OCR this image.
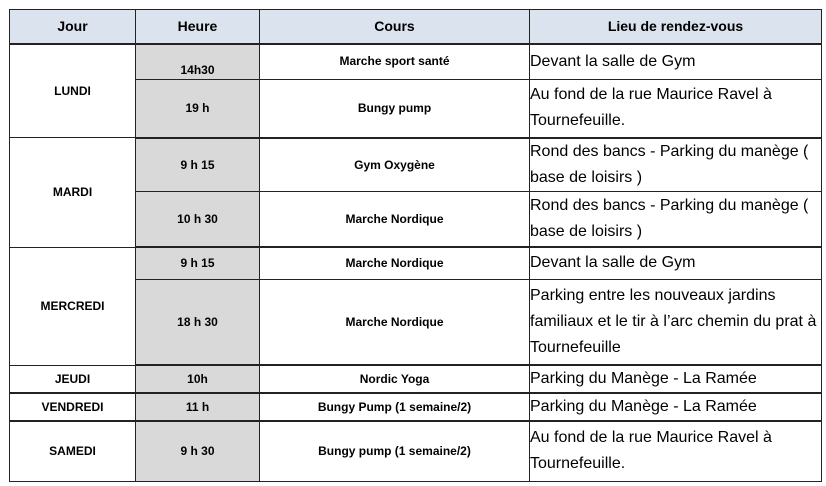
Jour	Heure	Cours	Lieu de rendez-vous
LUNDI	14h30	Marche sport santé	Devant la salle de Gym
	19 h	Bungy pump	Au fond de la rue Maurice Ravel à Tournefeuille.
MARDI	9 h 15	Gym Oxygène	Rond des bancs - Parking du manège ( base de loisirs )
	10 h 30	Marche Nordique	Rond des bancs - Parking du manège ( base de loisirs )
MERCREDI	9 h 15	Marche Nordique	Devant la salle de Gym
	18 h 30	Marche Nordique	Parking entre les nouveaux jardins familiaux et le tir à l’arc chemin du prat à Tournefeuille
JEUDI	10h	Nordic Yoga	Parking du Manège - La Ramée
VENDREDI	11 h	Bungy Pump (1 semaine/2)	Parking du Manège - La Ramée
SAMEDI	9 h 30	Bungy pump (1 semaine/2)	Au fond de la rue Maurice Ravel à Tournefeuille.
